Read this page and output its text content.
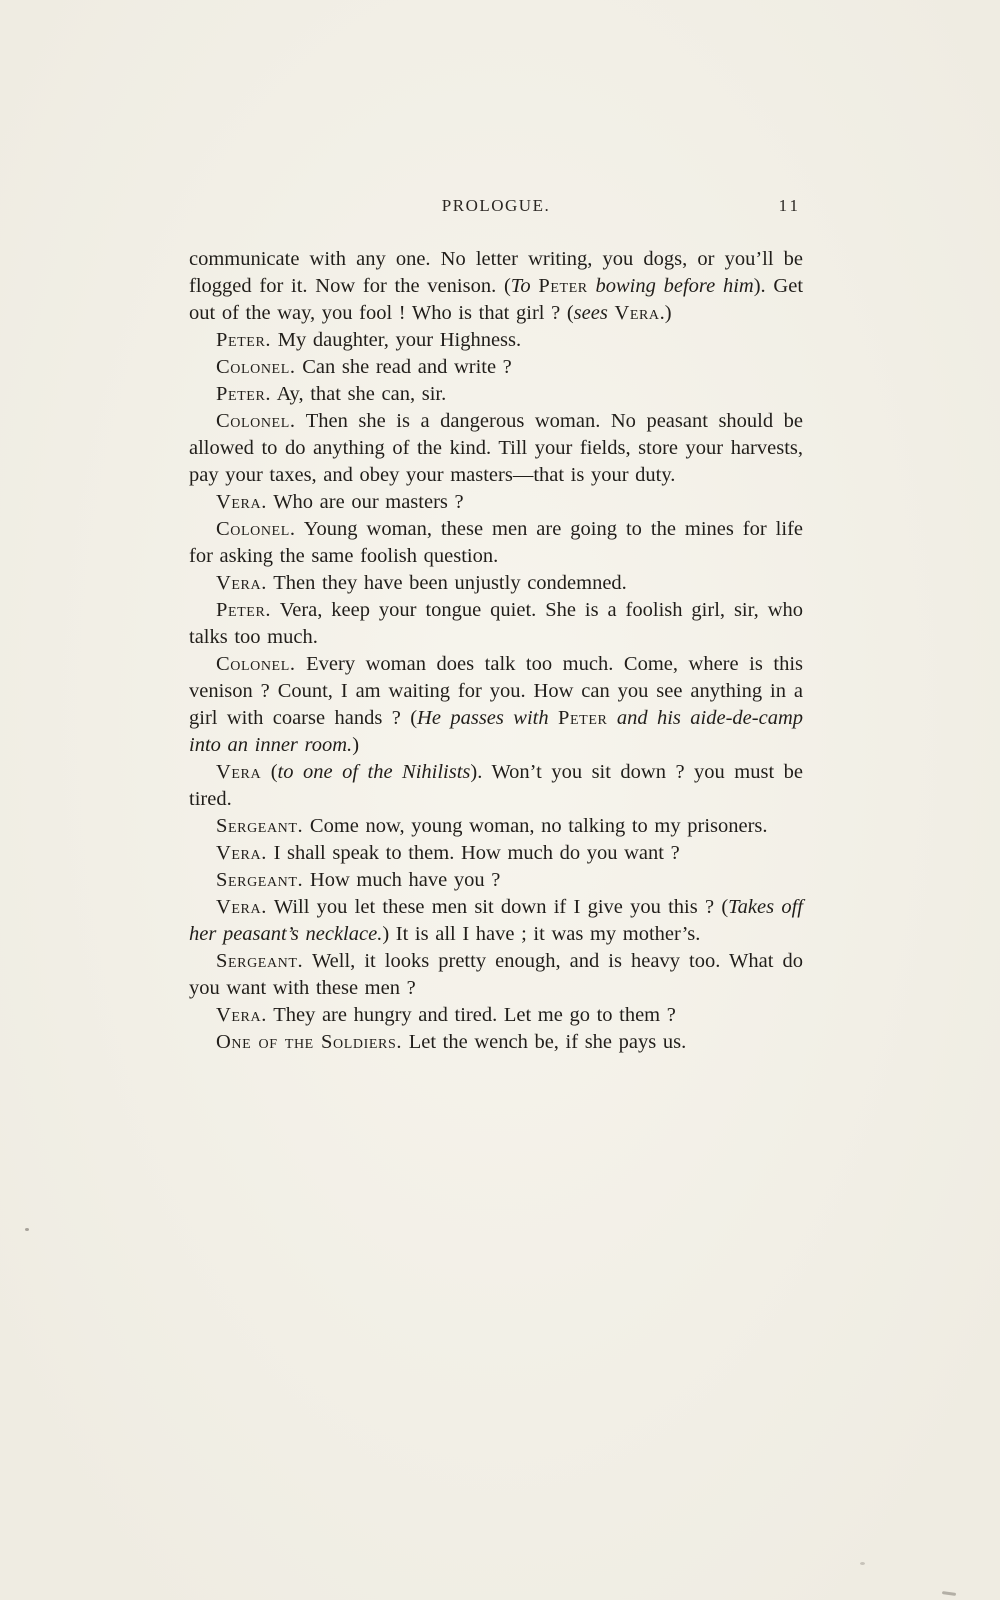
PROLOGUE.	11

communicate with any one. No letter writing, you dogs, or you’ll be flogged for it. Now for the venison. (To Peter bowing before him). Get out of the way, you fool ! Who is that girl ? (sees Vera.)

Peter. My daughter, your Highness.

Colonel. Can she read and write ?

Peter. Ay, that she can, sir.

Colonel. Then she is a dangerous woman. No peasant should be allowed to do anything of the kind. Till your fields, store your harvests, pay your taxes, and obey your masters—that is your duty.

Vera. Who are our masters ?

Colonel. Young woman, these men are going to the mines for life for asking the same foolish question.

Vera. Then they have been unjustly condemned.

Peter. Vera, keep your tongue quiet. She is a foolish girl, sir, who talks too much.

Colonel. Every woman does talk too much. Come, where is this venison ? Count, I am waiting for you. How can you see anything in a girl with coarse hands ? (He passes with Peter and his aide-de-camp into an inner room.)

Vera (to one of the Nihilists). Won’t you sit down ? you must be tired.

Sergeant. Come now, young woman, no talking to my prisoners.

Vera. I shall speak to them. How much do you want ?

Sergeant. How much have you ?

Vera. Will you let these men sit down if I give you this ? (Takes off her peasant’s necklace.) It is all I have ; it was my mother’s.

Sergeant. Well, it looks pretty enough, and is heavy too. What do you want with these men ?

Vera. They are hungry and tired. Let me go to them ?

One of the Soldiers. Let the wench be, if she pays us.
